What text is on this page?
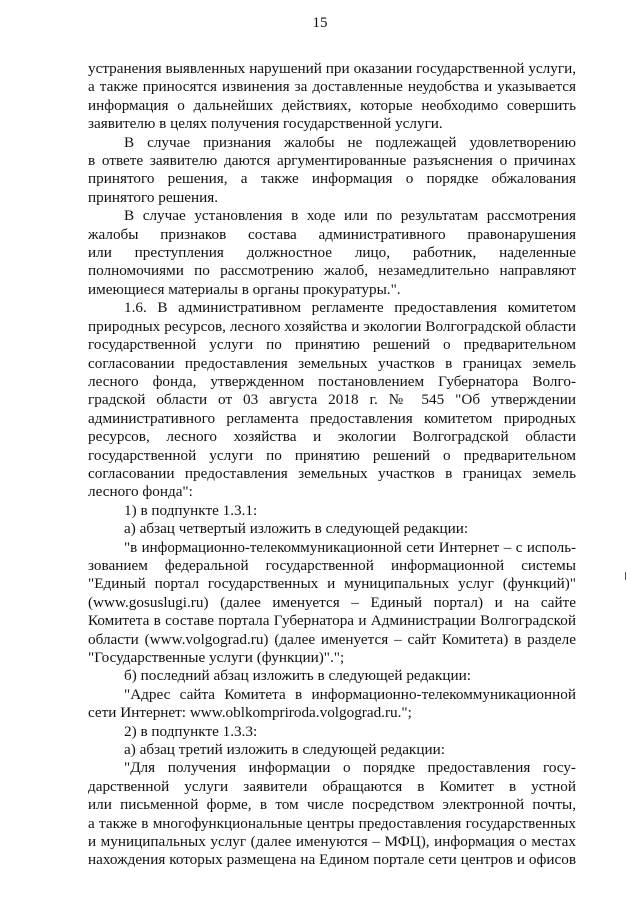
15
устранения выявленных нарушений при оказании государственной услуги,
а также приносятся извинения за доставленные неудобства и указывается
информация о дальнейших действиях, которые необходимо совершить
заявителю в целях получения государственной услуги.
В случае признания жалобы не подлежащей удовлетворению
в ответе заявителю даются аргументированные разъяснения о причинах
принятого решения, а также информация о порядке обжалования
принятого решения.
В случае установления в ходе или по результатам рассмотрения
жалобы признаков состава административного правонарушения
или преступления должностное лицо, работник, наделенные
полномочиями по рассмотрению жалоб, незамедлительно направляют
имеющиеся материалы в органы прокуратуры.".
1.6. В административном регламенте предоставления комитетом
природных ресурсов, лесного хозяйства и экологии Волгоградской области
государственной услуги по принятию решений о предварительном
согласовании предоставления земельных участков в границах земель
лесного фонда, утвержденном постановлением Губернатора Волго-
градской области от 03 августа 2018 г. № 545 "Об утверждении
административного регламента предоставления комитетом природных
ресурсов, лесного хозяйства и экологии Волгоградской области
государственной услуги по принятию решений о предварительном
согласовании предоставления земельных участков в границах земель
лесного фонда":
1) в подпункте 1.3.1:
а) абзац четвертый изложить в следующей редакции:
"в информационно-телекоммуникационной сети Интернет – с исполь-
зованием федеральной государственной информационной системы
"Единый портал государственных и муниципальных услуг (функций)"
(www.gosuslugi.ru) (далее именуется – Единый портал) и на сайте
Комитета в составе портала Губернатора и Администрации Волгоградской
области (www.volgograd.ru) (далее именуется – сайт Комитета) в разделе
"Государственные услуги (функции)".";
б) последний абзац изложить в следующей редакции:
"Адрес сайта Комитета в информационно-телекоммуникационной
сети Интернет: www.oblkompriroda.volgograd.ru.";
2) в подпункте 1.3.3:
а) абзац третий изложить в следующей редакции:
"Для получения информации о порядке предоставления госу-
дарственной услуги заявители обращаются в Комитет в устной
или письменной форме, в том числе посредством электронной почты,
а также в многофункциональные центры предоставления государственных
и муниципальных услуг (далее именуются – МФЦ), информация о местах
нахождения которых размещена на Едином портале сети центров и офисов
